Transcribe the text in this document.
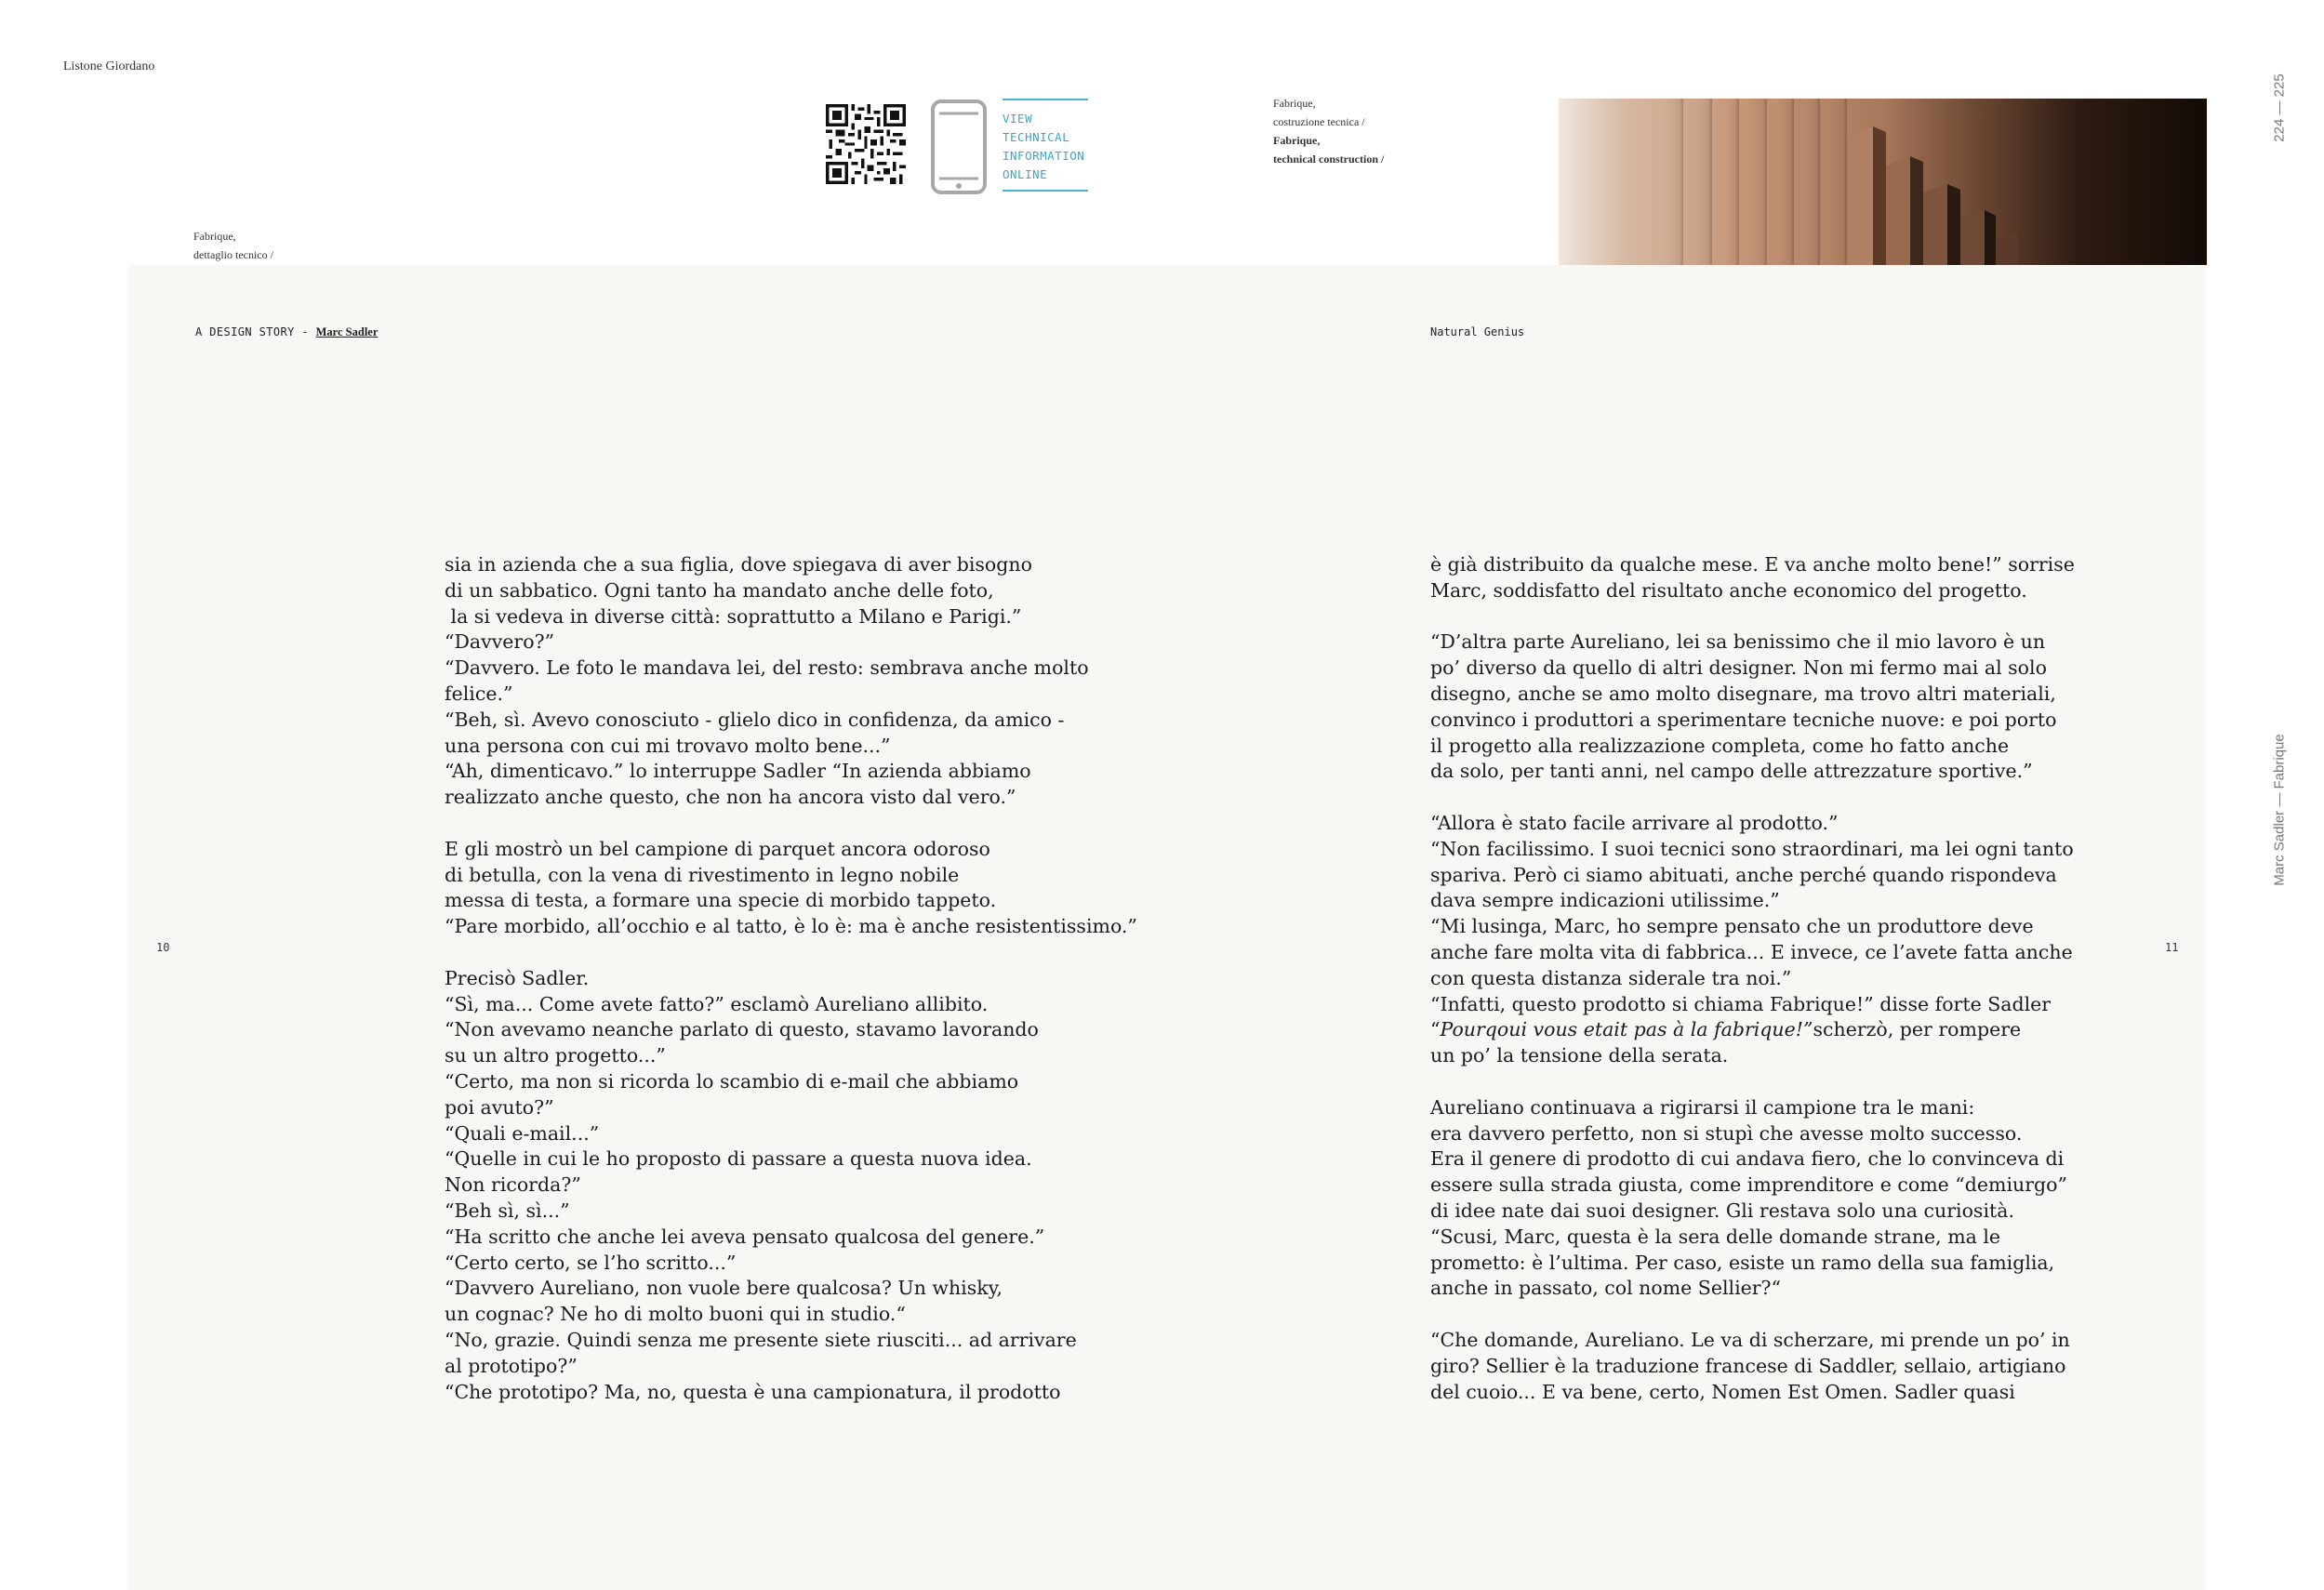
Listone Giordano
Fabrique,
dettaglio tecnico /
VIEW
TECHNICAL
INFORMATION
ONLINE
Fabrique,
costruzione tecnica /
Fabrique,
technical construction /
224 — 225
Marc Sadler — Fabrique
A DESIGN STORY - Marc Sadler	Natural Genius
10	11
sia in azienda che a sua figlia, dove spiegava di aver bisogno
di un sabbatico. Ogni tanto ha mandato anche delle foto,
la si vedeva in diverse città: soprattutto a Milano e Parigi.”
“Davvero?”
“Davvero. Le foto le mandava lei, del resto: sembrava anche molto
felice.”
“Beh, sì. Avevo conosciuto - glielo dico in confidenza, da amico -
una persona con cui mi trovavo molto bene...”
“Ah, dimenticavo.” lo interruppe Sadler “In azienda abbiamo
realizzato anche questo, che non ha ancora visto dal vero.”
E gli mostrò un bel campione di parquet ancora odoroso
di betulla, con la vena di rivestimento in legno nobile
messa di testa, a formare una specie di morbido tappeto.
“Pare morbido, all’occhio e al tatto, è lo è: ma è anche resistentissimo.”
Precisò Sadler.
“Sì, ma... Come avete fatto?” esclamò Aureliano allibito.
“Non avevamo neanche parlato di questo, stavamo lavorando
su un altro progetto...”
“Certo, ma non si ricorda lo scambio di e-mail che abbiamo
poi avuto?”
“Quali e-mail...”
“Quelle in cui le ho proposto di passare a questa nuova idea.
Non ricorda?”
“Beh sì, sì...”
“Ha scritto che anche lei aveva pensato qualcosa del genere.”
“Certo certo, se l’ho scritto...”
“Davvero Aureliano, non vuole bere qualcosa? Un whisky,
un cognac? Ne ho di molto buoni qui in studio.“
“No, grazie. Quindi senza me presente siete riusciti... ad arrivare
al prototipo?”
“Che prototipo? Ma, no, questa è una campionatura, il prodotto
è già distribuito da qualche mese. E va anche molto bene!” sorrise
Marc, soddisfatto del risultato anche economico del progetto.
“D’altra parte Aureliano, lei sa benissimo che il mio lavoro è un
po’ diverso da quello di altri designer. Non mi fermo mai al solo
disegno, anche se amo molto disegnare, ma trovo altri materiali,
convinco i produttori a sperimentare tecniche nuove: e poi porto
il progetto alla realizzazione completa, come ho fatto anche
da solo, per tanti anni, nel campo delle attrezzature sportive.”
“Allora è stato facile arrivare al prodotto.”
“Non facilissimo. I suoi tecnici sono straordinari, ma lei ogni tanto
spariva. Però ci siamo abituati, anche perché quando rispondeva
dava sempre indicazioni utilissime.”
“Mi lusinga, Marc, ho sempre pensato che un produttore deve
anche fare molta vita di fabbrica... E invece, ce l’avete fatta anche
con questa distanza siderale tra noi.”
“Infatti, questo prodotto si chiama Fabrique!” disse forte Sadler
“Pourqoui vous etait pas à la fabrique!”scherzò, per rompere
un po’ la tensione della serata.
Aureliano continuava a rigirarsi il campione tra le mani:
era davvero perfetto, non si stupì che avesse molto successo.
Era il genere di prodotto di cui andava fiero, che lo convinceva di
essere sulla strada giusta, come imprenditore e come “demiurgo”
di idee nate dai suoi designer. Gli restava solo una curiosità.
“Scusi, Marc, questa è la sera delle domande strane, ma le
prometto: è l’ultima. Per caso, esiste un ramo della sua famiglia,
anche in passato, col nome Sellier?“
“Che domande, Aureliano. Le va di scherzare, mi prende un po’ in
giro? Sellier è la traduzione francese di Saddler, sellaio, artigiano
del cuoio... E va bene, certo, Nomen Est Omen. Sadler quasi
